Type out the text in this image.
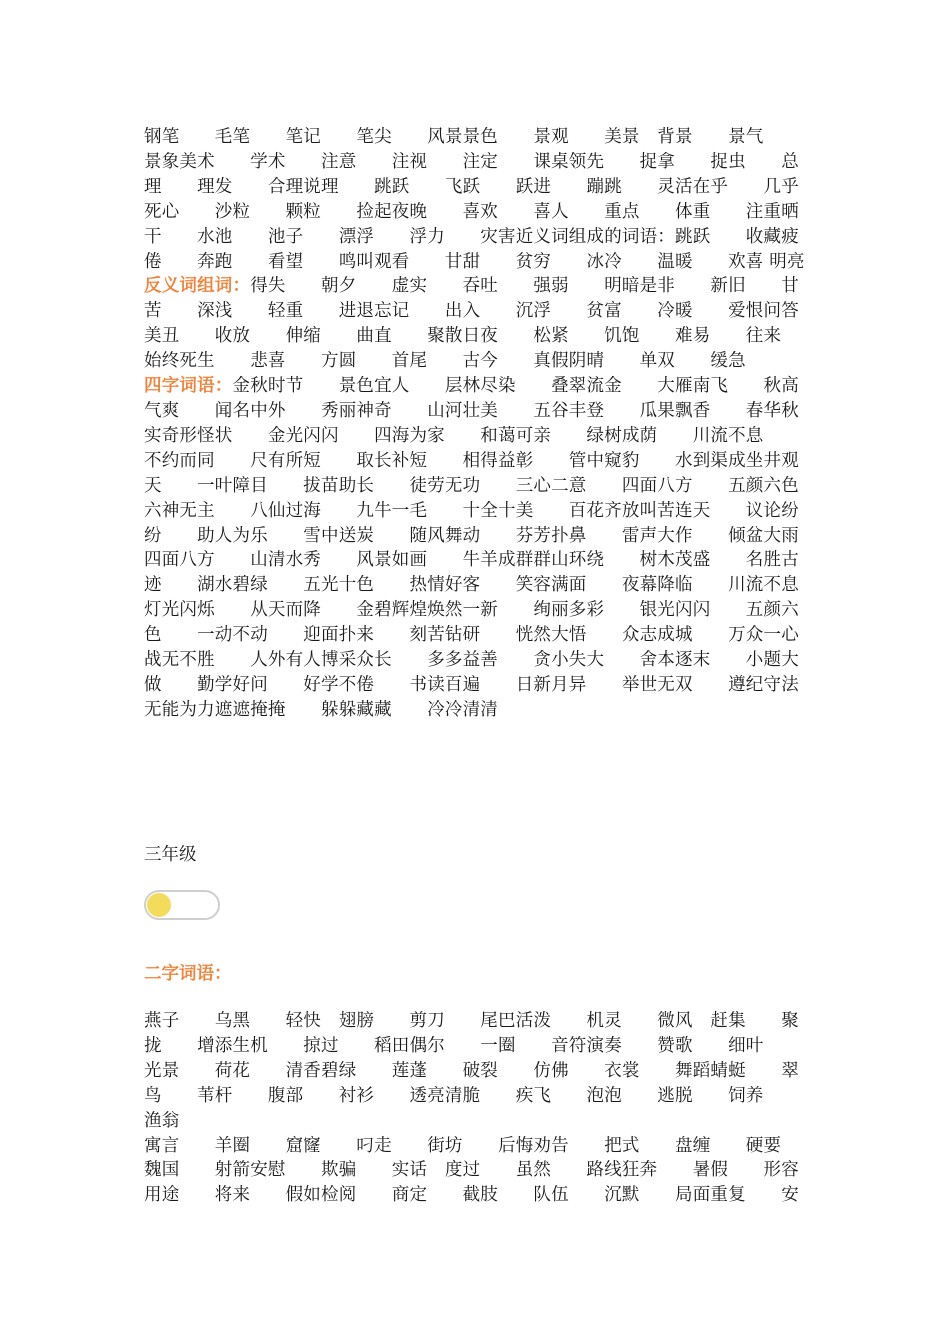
钢笔　　毛笔　　笔记　　笔尖　　风景景色　　景观　　美景　背景　　景气　　景象美术　　学术　　注意　　注视　　注定　　课桌领先　　捉拿　　捉虫　　总理　　理发　　合理说理　　跳跃　　飞跃　　跃进　　蹦跳　　灵活在乎　　几乎死心　　沙粒　　颗粒　　捡起夜晚　　喜欢　　喜人　　重点　　体重　　注重晒干　　水池　　池子　　漂浮　　浮力　　灾害近义词组成的词语：跳跃　　收藏疲倦　　奔跑　　看望　　鸣叫观看　　甘甜　　贫穷　　冰冷　　温暖　　欢喜 明亮
反义词组词：得失　　朝夕　　虚实　　吞吐　　强弱　　明暗是非　　新旧　　甘苦　　深浅　　轻重　　进退忘记　　出入　　沉浮　　贫富　　冷暖　　爱恨问答　　美丑　　收放　　伸缩　　曲直　　聚散日夜　　松紧　　饥饱　　难易　　往来　　始终死生　　悲喜　　方圆　　首尾　　古今　　真假阴晴　　单双　　缓急
四字词语：金秋时节　　景色宜人　　层林尽染　　叠翠流金　　大雁南飞　　秋高气爽　　闻名中外　　秀丽神奇　　山河壮美　　五谷丰登　　瓜果飘香　　春华秋实奇形怪状　　金光闪闪　　四海为家　　和蔼可亲　　绿树成荫　　川流不息　　不约而同　　尺有所短　　取长补短　　相得益彰　　管中窥豹　　水到渠成坐井观天　　一叶障目　　拔苗助长　　徒劳无功　　三心二意　　四面八方　　五颜六色　　六神无主　　八仙过海　　九牛一毛　　十全十美　　百花齐放叫苦连天　　议论纷纷　　助人为乐　　雪中送炭　　随风舞动　　芬芳扑鼻　　雷声大作　　倾盆大雨　　四面八方　　山清水秀　　风景如画　　牛羊成群群山环绕　　树木茂盛　　名胜古迹　　湖水碧绿　　五光十色　　热情好客　　笑容满面　　夜幕降临　　川流不息　　灯光闪烁　　从天而降　　金碧辉煌焕然一新　　绚丽多彩　　银光闪闪　　五颜六色　　一动不动　　迎面扑来　　刻苦钻研　　恍然大悟　　众志成城　　万众一心　　战无不胜　　人外有人博采众长　　多多益善　　贪小失大　　舍本逐末　　小题大做　　勤学好问　　好学不倦　　书读百遍　　日新月异　　举世无双　　遵纪守法　　无能为力遮遮掩掩　　躲躲藏藏　　冷冷清清
三年级
二字词语：
燕子　　乌黑　　轻快　翅膀　　剪刀　　尾巴活泼　　机灵　　微风　赶集　　聚拢　　增添生机　　掠过　　稻田偶尔　　一圈　　音符演奏　　赞歌　　细叶　　光景　　荷花　　清香碧绿　　莲蓬　　破裂　　仿佛　　衣裳　　舞蹈蜻蜓　　翠鸟　　苇杆　　腹部　　衬衫　　透亮清脆　　疾飞　　泡泡　　逃脱　　饲养　　渔翁
寓言　　羊圈　　窟窿　　叼走　　街坊　　后悔劝告　　把式　　盘缠　　硬要　　魏国　　射箭安慰　　欺骗　　实话　度过　　虽然　　路线狂奔　　暑假　　形容用途　　将来　　假如检阅　　商定　　截肢　　队伍　　沉默　　局面重复　　安
